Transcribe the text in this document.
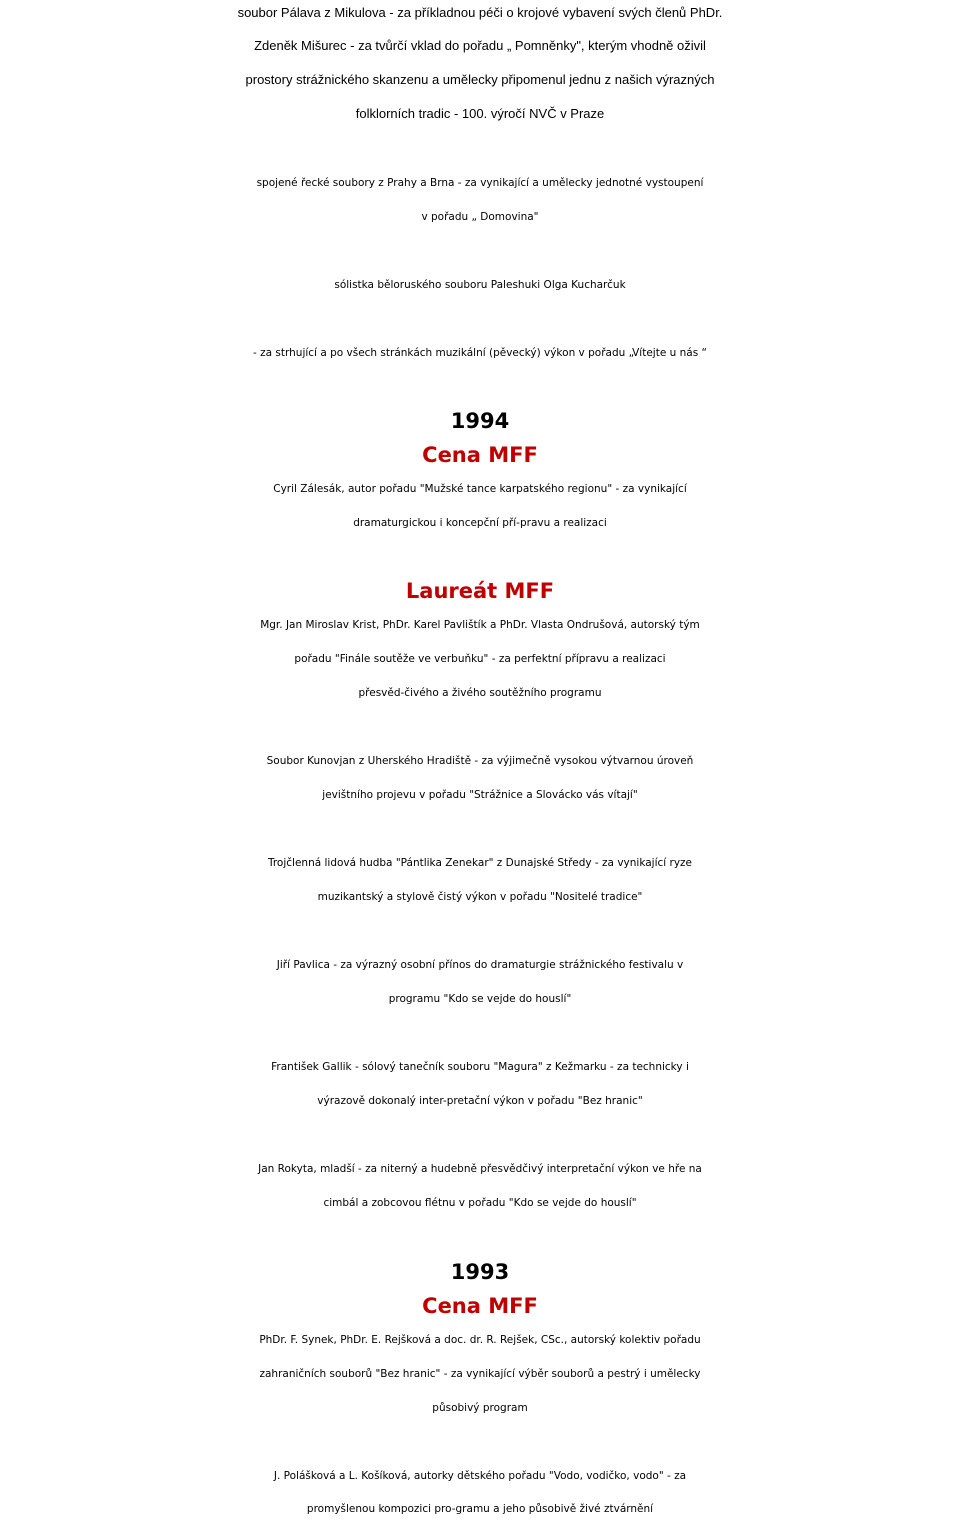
soubor Pálava z Mikulova - za příkladnou péči o krojové vybavení svých členů PhDr.
Zdeněk Mišurec - za tvůrčí vklad do pořadu „ Pomněnky", kterým vhodně oživil
prostory strážnického skanzenu a umělecky připomenul jednu z našich výrazných
folklorních tradic - 100. výročí NVČ v Praze
spojené řecké soubory z Prahy a Brna - za vynikající a umělecky jednotné vystoupení
v pořadu „ Domovina"
sólistka běloruského souboru Paleshuki Olga Kucharčuk
- za strhující a po všech stránkách muzikální (pěvecký) výkon v pořadu „Vítejte u nás “
1994
Cena MFF
Cyril Zálesák, autor pořadu "Mužské tance karpatského regionu" - za vynikající
dramaturgickou i koncepční pří-pravu a realizaci
Laureát MFF
Mgr. Jan Miroslav Krist, PhDr. Karel Pavlištík a PhDr. Vlasta Ondrušová, autorský tým
pořadu "Finále soutěže ve verbuňku" - za perfektní přípravu a realizaci
přesvěd-čivého a živého soutěžního programu
Soubor Kunovjan z Uherského Hradiště - za výjimečně vysokou výtvarnou úroveň
jevištního projevu v pořadu "Strážnice a Slovácko vás vítají"
Trojčlenná lidová hudba "Pántlika Zenekar" z Dunajské Středy - za vynikající ryze
muzikantský a stylově čistý výkon v pořadu "Nositelé tradice"
Jiří Pavlica - za výrazný osobní přínos do dramaturgie strážnického festivalu v
programu "Kdo se vejde do houslí"
František Gallik - sólový tanečník souboru "Magura" z Kežmarku - za technicky i
výrazově dokonalý inter-pretační výkon v pořadu "Bez hranic"
Jan Rokyta, mladší - za niterný a hudebně přesvědčivý interpretační výkon ve hře na
cimbál a zobcovou flétnu v pořadu "Kdo se vejde do houslí"
1993
Cena MFF
PhDr. F. Synek, PhDr. E. Rejšková a doc. dr. R. Rejšek, CSc., autorský kolektiv pořadu
zahraničních souborů "Bez hranic" - za vynikající výběr souborů a pestrý i umělecky
působivý program
J. Polášková a L. Košíková, autorky dětského pořadu "Vodo, vodičko, vodo" - za
promyšlenou kompozici pro-gramu a jeho působivě živé ztvárnění
